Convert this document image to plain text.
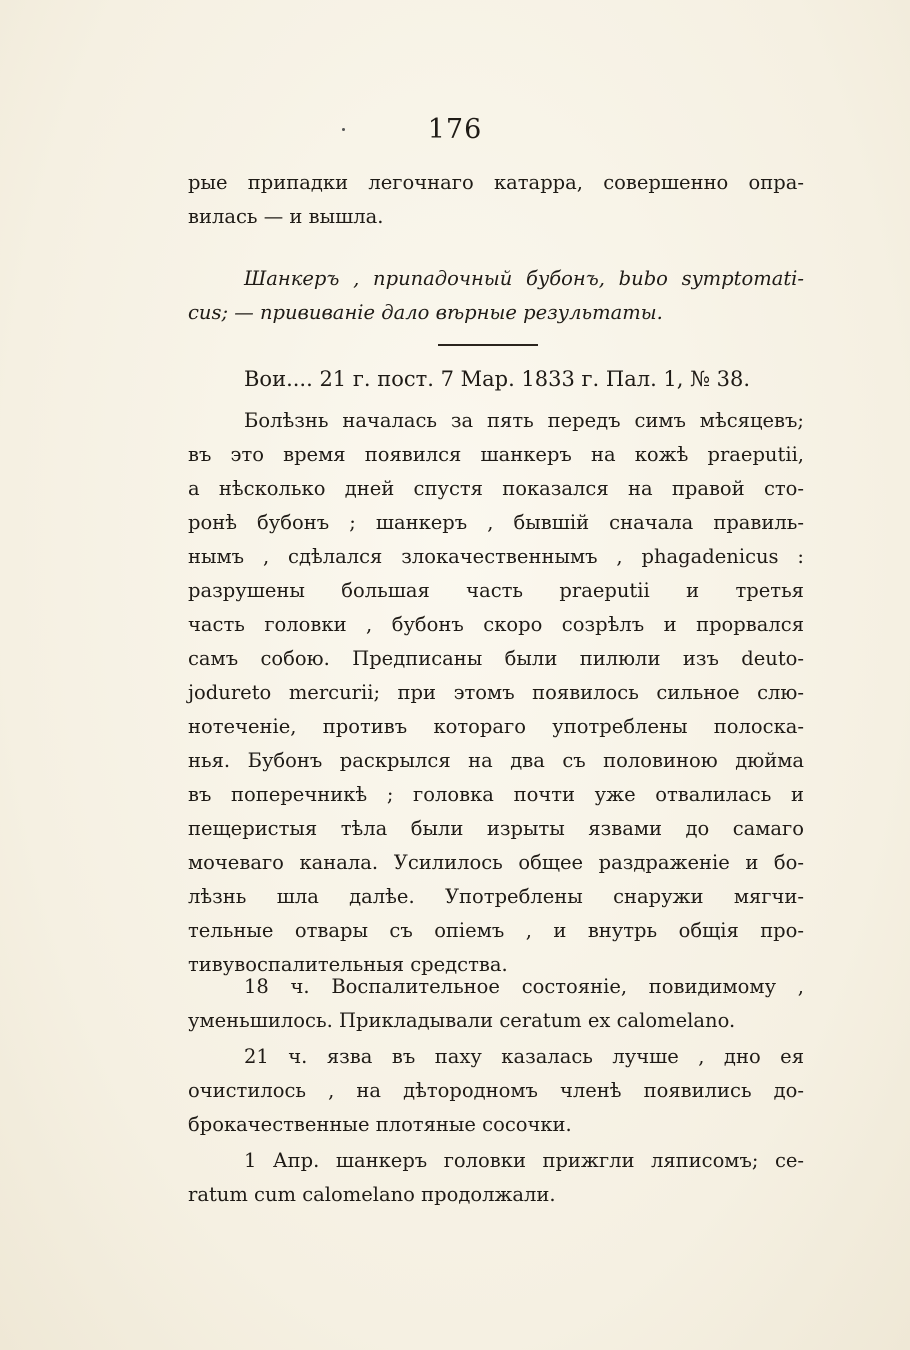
176
рые припадки легочнаго катарра, совершенно опра-
вилась — и вышла.
Шанкеръ , припадочный бубонъ, bubo symptomati-
cus; — прививанiе дало вѣрные результаты.
Вои.... 21 г. пост. 7 Мар. 1833 г. Пал. 1, № 38.
Болѣзнь началась за пять передъ симъ мѣсяцевъ;
въ это время появился шанкеръ на кожѣ praeputii,
а нѣсколько дней спустя показался на правой сто-
ронѣ бубонъ ; шанкеръ , бывшiй сначала правиль-
нымъ , сдѣлался злокачественнымъ , phagadenicus :
разрушены большая часть praeputii и третья
часть головки , бубонъ скоро созрѣлъ и прорвался
самъ собою. Предписаны были пилюли изъ deuto-
jodureto mercurii; при этомъ появилось сильное слю-
нотеченiе, противъ котораго употреблены полоска-
нья. Бубонъ раскрылся на два съ половиною дюйма
въ поперечникѣ ; головка почти уже отвалилась и
пещеристыя тѣла были изрыты язвами до самаго
мочеваго канала. Усилилось общее раздраженiе и бо-
лѣзнь шла далѣе. Употреблены снаружи мягчи-
тельные отвары съ опiемъ , и внутрь общiя про-
тивувоспалительныя средства.
18 ч. Воспалительное состоянiе, повидимому ,
уменьшилось. Прикладывали ceratum ex calomelano.
21 ч. язва въ паху казалась лучше , дно ея
очистилось , на дѣтородномъ членѣ появились до-
брокачественные плотяные сосочки.
1 Апр. шанкеръ головки прижгли ляписомъ; ce-
ratum cum calomelano продолжали.
